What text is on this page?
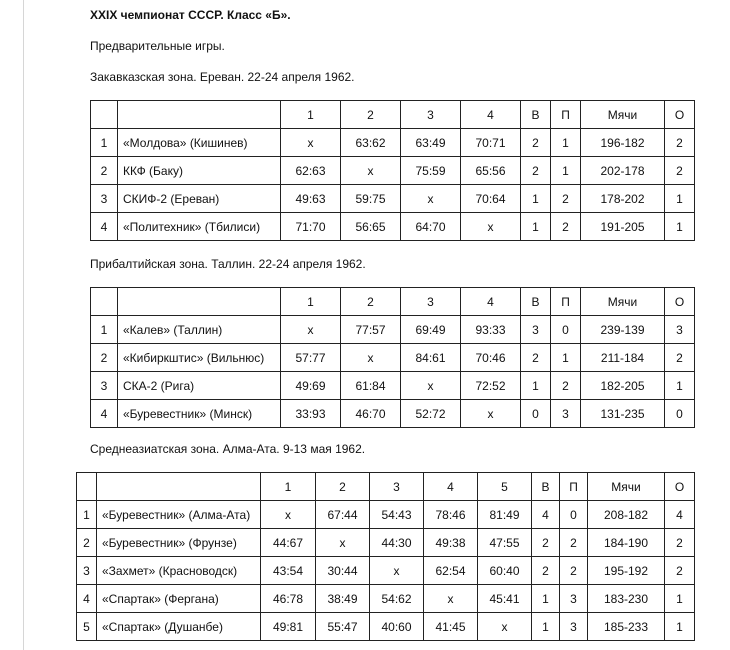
XXIX чемпионат СССР. Класс «Б».
Предварительные игры.
Закавказская зона. Ереван. 22-24 апреля 1962.
		1	2	3	4	В	П	Мячи	О
1	«Молдова» (Кишинев)	x	63:62	63:49	70:71	2	1	196-182	2
2	ККФ (Баку)	62:63	x	75:59	65:56	2	1	202-178	2
3	СКИФ-2 (Ереван)	49:63	59:75	x	70:64	1	2	178-202	1
4	«Политехник» (Тбилиси)	71:70	56:65	64:70	x	1	2	191-205	1
Прибалтийская зона. Таллин. 22-24 апреля 1962.
		1	2	3	4	В	П	Мячи	О
1	«Калев» (Таллин)	x	77:57	69:49	93:33	3	0	239-139	3
2	«Кибиркштис» (Вильнюс)	57:77	x	84:61	70:46	2	1	211-184	2
3	СКА-2 (Рига)	49:69	61:84	x	72:52	1	2	182-205	1
4	«Буревестник» (Минск)	33:93	46:70	52:72	x	0	3	131-235	0
Среднеазиатская зона. Алма-Ата. 9-13 мая 1962.
		1	2	3	4	5	В	П	Мячи	О
1	«Буревестник» (Алма-Ата)	x	67:44	54:43	78:46	81:49	4	0	208-182	4
2	«Буревестник» (Фрунзе)	44:67	x	44:30	49:38	47:55	2	2	184-190	2
3	«Захмет» (Красноводск)	43:54	30:44	x	62:54	60:40	2	2	195-192	2
4	«Спартак» (Фергана)	46:78	38:49	54:62	x	45:41	1	3	183-230	1
5	«Спартак» (Душанбе)	49:81	55:47	40:60	41:45	x	1	3	185-233	1
